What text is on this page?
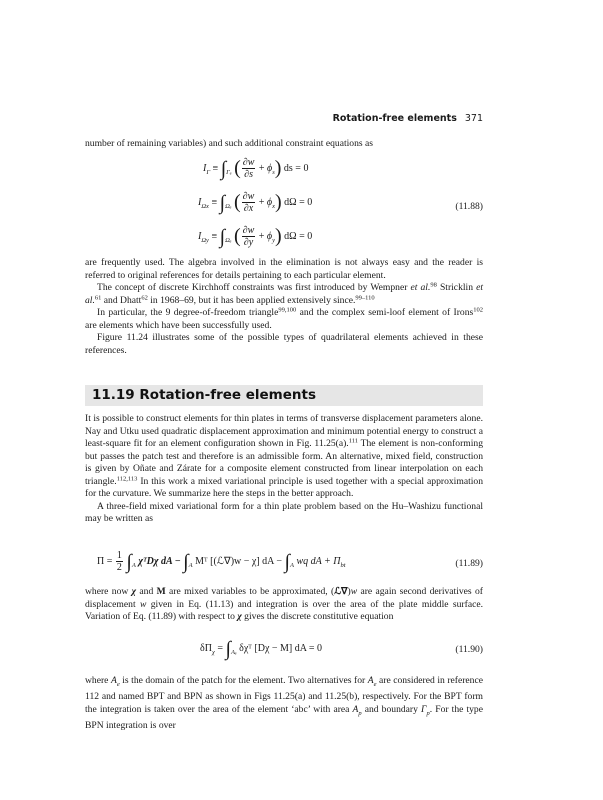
Rotation-free elements 371

number of remaining variables) and such additional constraint equations as

$I_\Gamma \equiv \int_{\Gamma_e}$ ( $\frac{\partial w}{\partial s} + \phi_s$) ds = 0
$I_{\Omega x} \equiv \int_{\Omega_e}$ ( $\frac{\partial w}{\partial x} + \phi_x$) dΩ = 0
$I_{\Omega y} \equiv \int_{\Omega_e}$ ( $\frac{\partial w}{\partial y} + \phi_y$) dΩ = 0
(11.88)

are frequently used. The algebra involved in the elimination is not always easy and the reader is referred to original references for details pertaining to each particular element.

The concept of discrete Kirchhoff constraints was first introduced by Wempner et al.$^{98}$ Stricklin et al.$^{61}$ and Dhatt$^{62}$ in 1968–69, but it has been applied extensively since.$^{99-110}$

In particular, the 9 degree-of-freedom triangle$^{99,100}$ and the complex semi-loof element of Irons$^{102}$ are elements which have been successfully used.

Figure 11.24 illustrates some of the possible types of quadrilateral elements achieved in these references.

11.19 Rotation-free elements

It is possible to construct elements for thin plates in terms of transverse displacement parameters alone. Nay and Utku used quadratic displacement approximation and minimum potential energy to construct a least-square fit for an element configuration shown in Fig. 11.25(a).$^{111}$ The element is non-conforming but passes the patch test and therefore is an admissible form. An alternative, mixed field, construction is given by Oñate and Zárate for a composite element constructed from linear interpolation on each triangle.$^{112,113}$ In this work a mixed variational principle is used together with a special approximation for the curvature. We summarize here the steps in the better approach.

A three-field mixed variational form for a thin plate problem based on the Hu–Washizu functional may be written as

$\Pi = \frac{1}{2} \int_A$ χᵀDχ dA − $\int_A$ Mᵀ [(ℒ∇)w − χ] dA − $\int_A$ wq dA + $\Pi_{bt}$	(11.89)

where now χ and M are mixed variables to be approximated, (ℒ∇)w are again second derivatives of displacement w given in Eq. (11.13) and integration is over the area of the plate middle surface. Variation of Eq. (11.89) with respect to χ gives the discrete constitutive equation

$\delta\Pi_\chi = \int_{A_e}$ δχᵀ [Dχ − M] dA = 0	(11.90)

where $A_e$ is the domain of the patch for the element. Two alternatives for $A_e$ are considered in reference 112 and named BPT and BPN as shown in Figs 11.25(a) and 11.25(b), respectively. For the BPT form the integration is taken over the area of the element ‘abc’ with area $A_p$ and boundary $\Gamma_p$. For the type BPN integration is over
